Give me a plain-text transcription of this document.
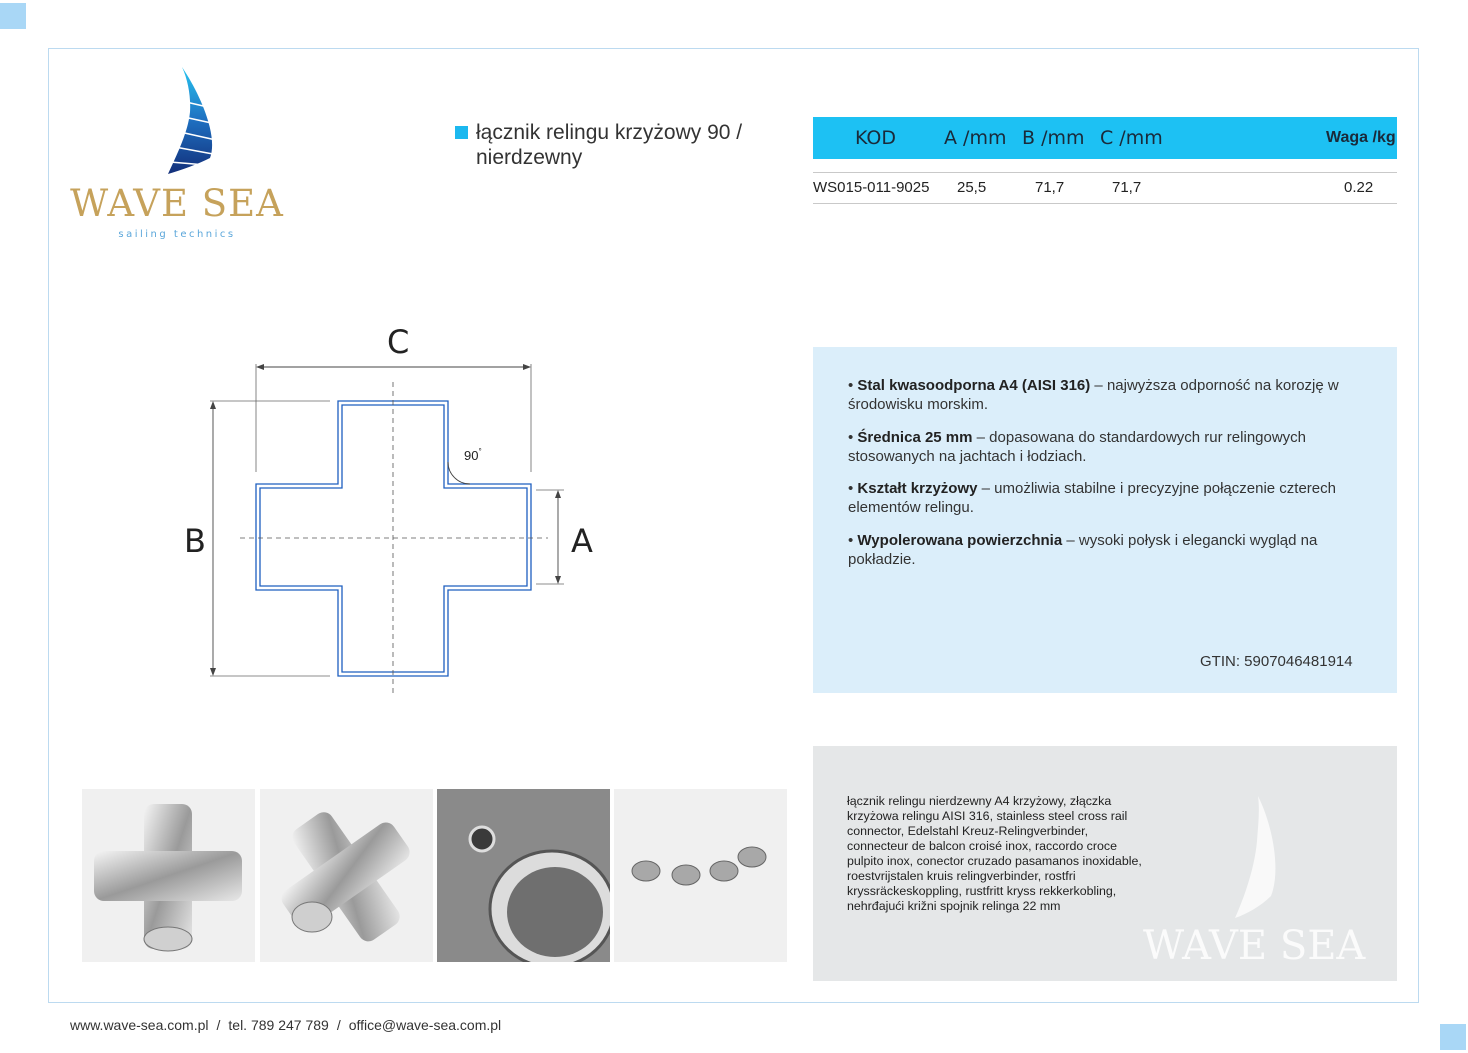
WAVE SEA
sailing technics
łącznik relingu krzyżowy 90 / nierdzewny
KOD	A /mm B /mm C /mm	Waga /kg
WS015-011-9025 25,5	71,7	71,7	0.22
C
B	A
90°
• Stal kwasoodporna A4 (AISI 316) – najwyższa odporność na korozję w środowisku morskim.
• Średnica 25 mm – dopasowana do standardowych rur relingowych stosowanych na jachtach i łodziach.
• Kształt krzyżowy – umożliwia stabilne i precyzyjne połączenie czterech elementów relingu.
• Wypolerowana powierzchnia – wysoki połysk i elegancki wygląd na pokładzie.
GTIN: 5907046481914
łącznik relingu nierdzewny A4 krzyżowy, złączka krzyżowa relingu AISI 316, stainless steel cross rail connector, Edelstahl Kreuz-Relingverbinder, connecteur de balcon croisé inox, raccordo croce pulpito inox, conector cruzado pasamanos inoxidable, roestvrijstalen kruis relingverbinder, rostfri kryssräckeskoppling, rustfritt kryss rekkerkobling, nehrđajući križni spojnik relinga 22 mm
WAVE SEA
www.wave-sea.com.pl / tel. 789 247 789 / office@wave-sea.com.pl
